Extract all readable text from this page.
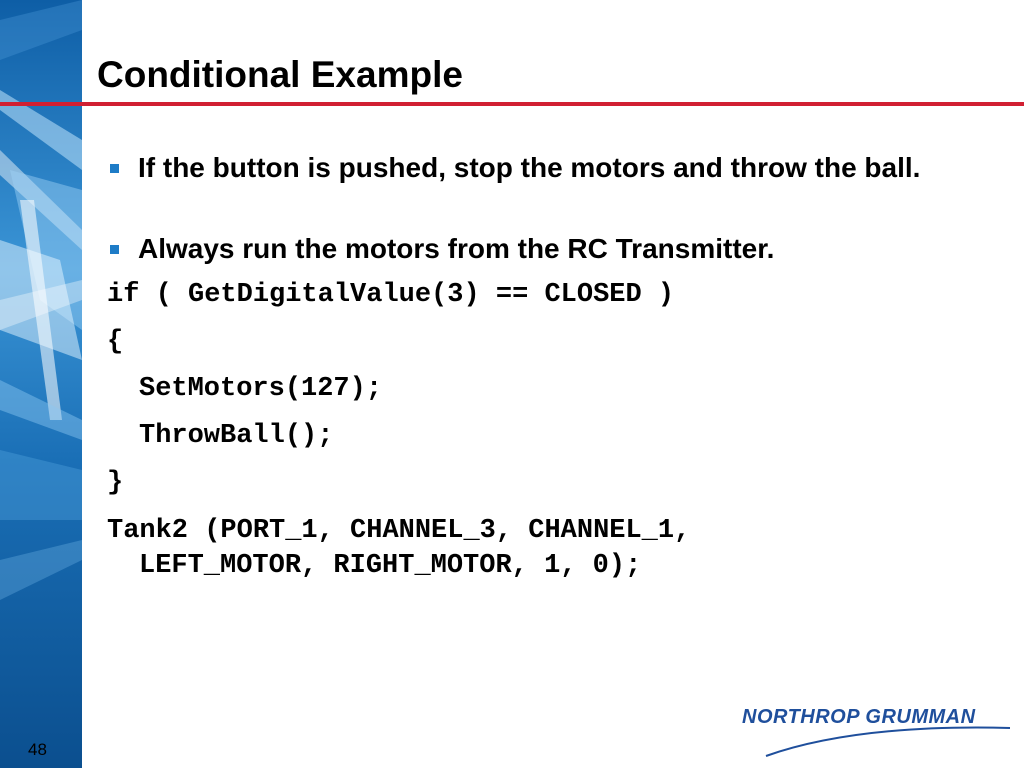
Conditional Example
If the button is pushed, stop the motors and throw the ball.
Always run the motors from the RC Transmitter.

if ( GetDigitalValue(3) == CLOSED )

{

SetMotors(127);

ThrowBall();

}

Tank2 (PORT_1, CHANNEL_3, CHANNEL_1,

LEFT_MOTOR, RIGHT_MOTOR, 1, 0);

NORTHROP GRUMMAN
48
